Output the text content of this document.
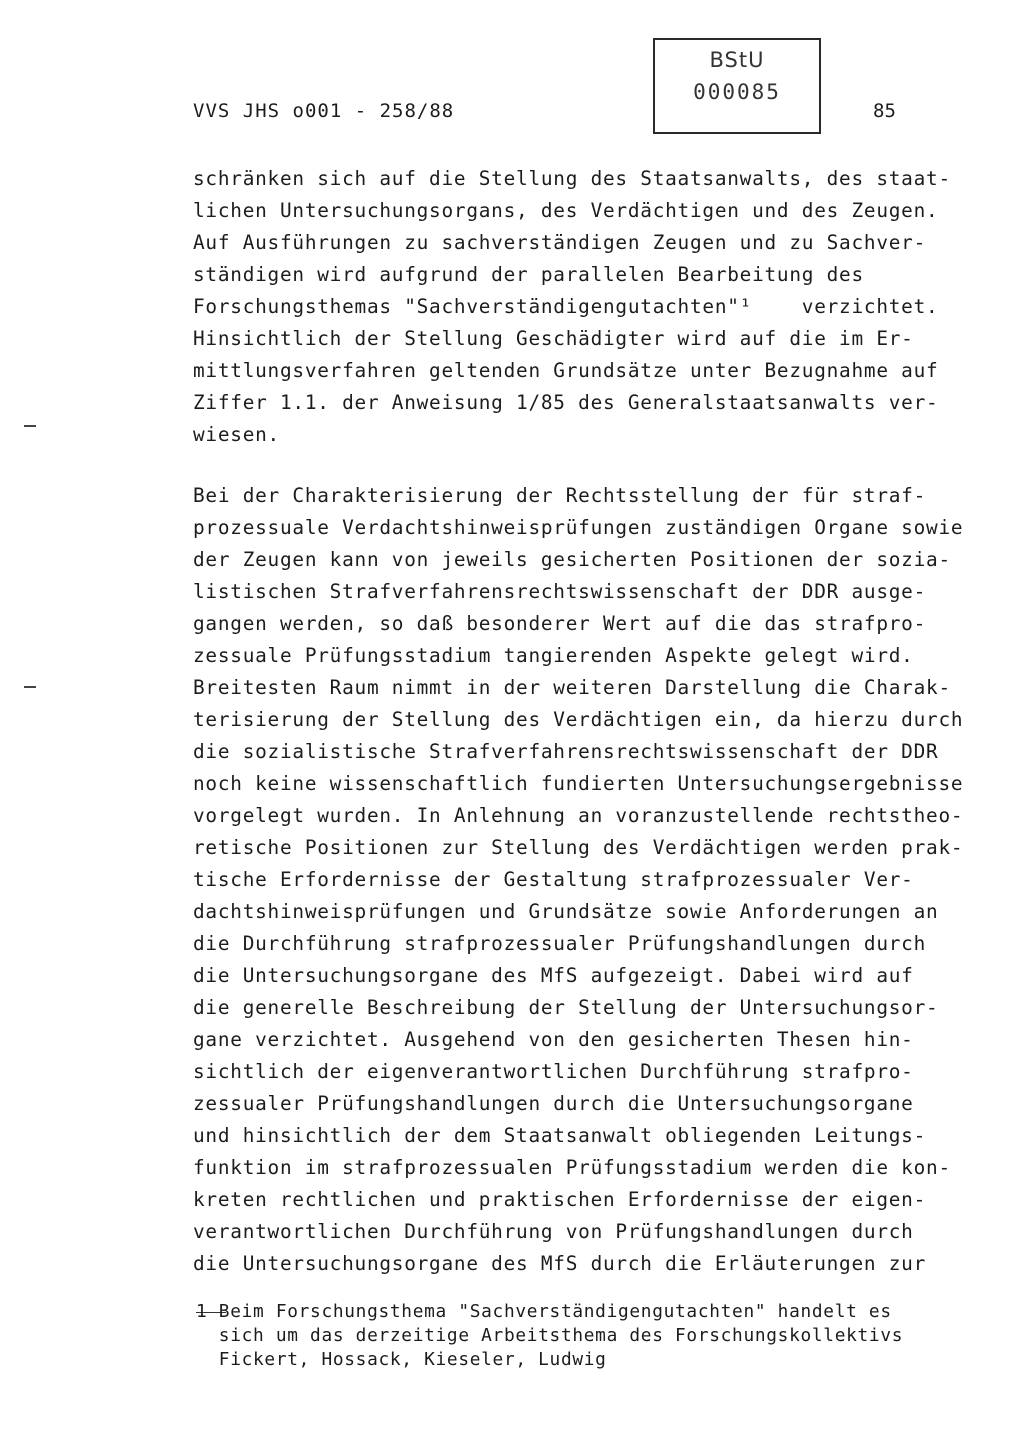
VVS JHS o001 - 258/88
BStU
000085
85
schränken sich auf die Stellung des Staatsanwalts, des staat-
lichen Untersuchungsorgans, des Verdächtigen und des Zeugen.
Auf Ausführungen zu sachverständigen Zeugen und zu Sachver-
ständigen wird aufgrund der parallelen Bearbeitung des
Forschungsthemas "Sachverständigengutachten"¹    verzichtet.
Hinsichtlich der Stellung Geschädigter wird auf die im Er-
mittlungsverfahren geltenden Grundsätze unter Bezugnahme auf
Ziffer 1.1. der Anweisung 1/85 des Generalstaatsanwalts ver-
wiesen.
Bei der Charakterisierung der Rechtsstellung der für straf-
prozessuale Verdachtshinweisprüfungen zuständigen Organe sowie
der Zeugen kann von jeweils gesicherten Positionen der sozia-
listischen Strafverfahrensrechtswissenschaft der DDR ausge-
gangen werden, so daß besonderer Wert auf die das strafpro-
zessuale Prüfungsstadium tangierenden Aspekte gelegt wird.
Breitesten Raum nimmt in der weiteren Darstellung die Charak-
terisierung der Stellung des Verdächtigen ein, da hierzu durch
die sozialistische Strafverfahrensrechtswissenschaft der DDR
noch keine wissenschaftlich fundierten Untersuchungsergebnisse
vorgelegt wurden. In Anlehnung an voranzustellende rechtstheo-
retische Positionen zur Stellung des Verdächtigen werden prak-
tische Erfordernisse der Gestaltung strafprozessualer Ver-
dachtshinweisprüfungen und Grundsätze sowie Anforderungen an
die Durchführung strafprozessualer Prüfungshandlungen durch
die Untersuchungsorgane des MfS aufgezeigt. Dabei wird auf
die generelle Beschreibung der Stellung der Untersuchungsor-
gane verzichtet. Ausgehend von den gesicherten Thesen hin-
sichtlich der eigenverantwortlichen Durchführung strafpro-
zessualer Prüfungshandlungen durch die Untersuchungsorgane
und hinsichtlich der dem Staatsanwalt obliegenden Leitungs-
funktion im strafprozessualen Prüfungsstadium werden die kon-
kreten rechtlichen und praktischen Erfordernisse der eigen-
verantwortlichen Durchführung von Prüfungshandlungen durch
die Untersuchungsorgane des MfS durch die Erläuterungen zur
1 Beim Forschungsthema "Sachverständigengutachten" handelt es
sich um das derzeitige Arbeitsthema des Forschungskollektivs
Fickert, Hossack, Kieseler, Ludwig
